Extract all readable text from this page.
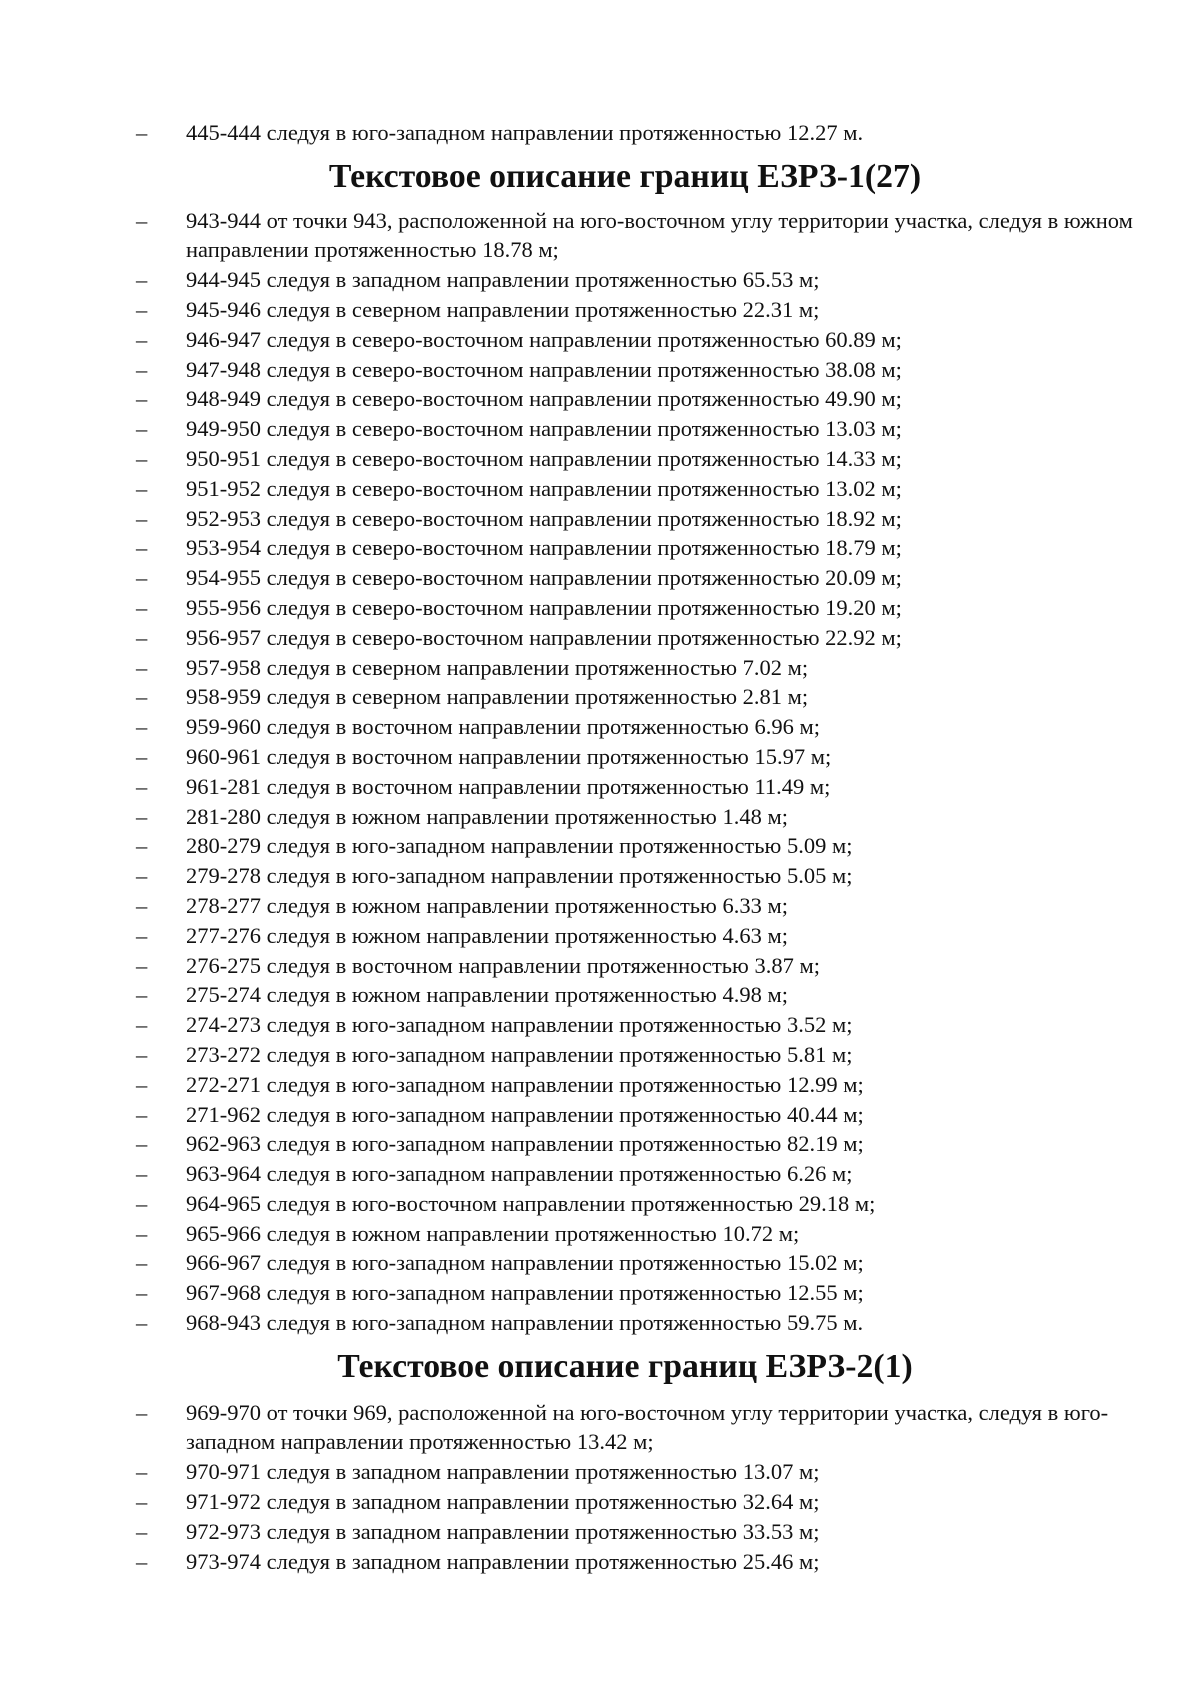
– 445-444 следуя в юго-западном направлении протяженностью 12.27 м.
Текстовое описание границ ЕЗРЗ-1(27)
– 943-944 от точки 943, расположенной на юго-восточном углу территории участка, следуя в южном направлении протяженностью 18.78 м;
– 944-945 следуя в западном направлении протяженностью 65.53 м;
– 945-946 следуя в северном направлении протяженностью 22.31 м;
– 946-947 следуя в северо-восточном направлении протяженностью 60.89 м;
– 947-948 следуя в северо-восточном направлении протяженностью 38.08 м;
– 948-949 следуя в северо-восточном направлении протяженностью 49.90 м;
– 949-950 следуя в северо-восточном направлении протяженностью 13.03 м;
– 950-951 следуя в северо-восточном направлении протяженностью 14.33 м;
– 951-952 следуя в северо-восточном направлении протяженностью 13.02 м;
– 952-953 следуя в северо-восточном направлении протяженностью 18.92 м;
– 953-954 следуя в северо-восточном направлении протяженностью 18.79 м;
– 954-955 следуя в северо-восточном направлении протяженностью 20.09 м;
– 955-956 следуя в северо-восточном направлении протяженностью 19.20 м;
– 956-957 следуя в северо-восточном направлении протяженностью 22.92 м;
– 957-958 следуя в северном направлении протяженностью 7.02 м;
– 958-959 следуя в северном направлении протяженностью 2.81 м;
– 959-960 следуя в восточном направлении протяженностью 6.96 м;
– 960-961 следуя в восточном направлении протяженностью 15.97 м;
– 961-281 следуя в восточном направлении протяженностью 11.49 м;
– 281-280 следуя в южном направлении протяженностью 1.48 м;
– 280-279 следуя в юго-западном направлении протяженностью 5.09 м;
– 279-278 следуя в юго-западном направлении протяженностью 5.05 м;
– 278-277 следуя в южном направлении протяженностью 6.33 м;
– 277-276 следуя в южном направлении протяженностью 4.63 м;
– 276-275 следуя в восточном направлении протяженностью 3.87 м;
– 275-274 следуя в южном направлении протяженностью 4.98 м;
– 274-273 следуя в юго-западном направлении протяженностью 3.52 м;
– 273-272 следуя в юго-западном направлении протяженностью 5.81 м;
– 272-271 следуя в юго-западном направлении протяженностью 12.99 м;
– 271-962 следуя в юго-западном направлении протяженностью 40.44 м;
– 962-963 следуя в юго-западном направлении протяженностью 82.19 м;
– 963-964 следуя в юго-западном направлении протяженностью 6.26 м;
– 964-965 следуя в юго-восточном направлении протяженностью 29.18 м;
– 965-966 следуя в южном направлении протяженностью 10.72 м;
– 966-967 следуя в юго-западном направлении протяженностью 15.02 м;
– 967-968 следуя в юго-западном направлении протяженностью 12.55 м;
– 968-943 следуя в юго-западном направлении протяженностью 59.75 м.
Текстовое описание границ ЕЗРЗ-2(1)
– 969-970 от точки 969, расположенной на юго-восточном углу территории участка, следуя в юго-западном направлении протяженностью 13.42 м;
– 970-971 следуя в западном направлении протяженностью 13.07 м;
– 971-972 следуя в западном направлении протяженностью 32.64 м;
– 972-973 следуя в западном направлении протяженностью 33.53 м;
– 973-974 следуя в западном направлении протяженностью 25.46 м;
